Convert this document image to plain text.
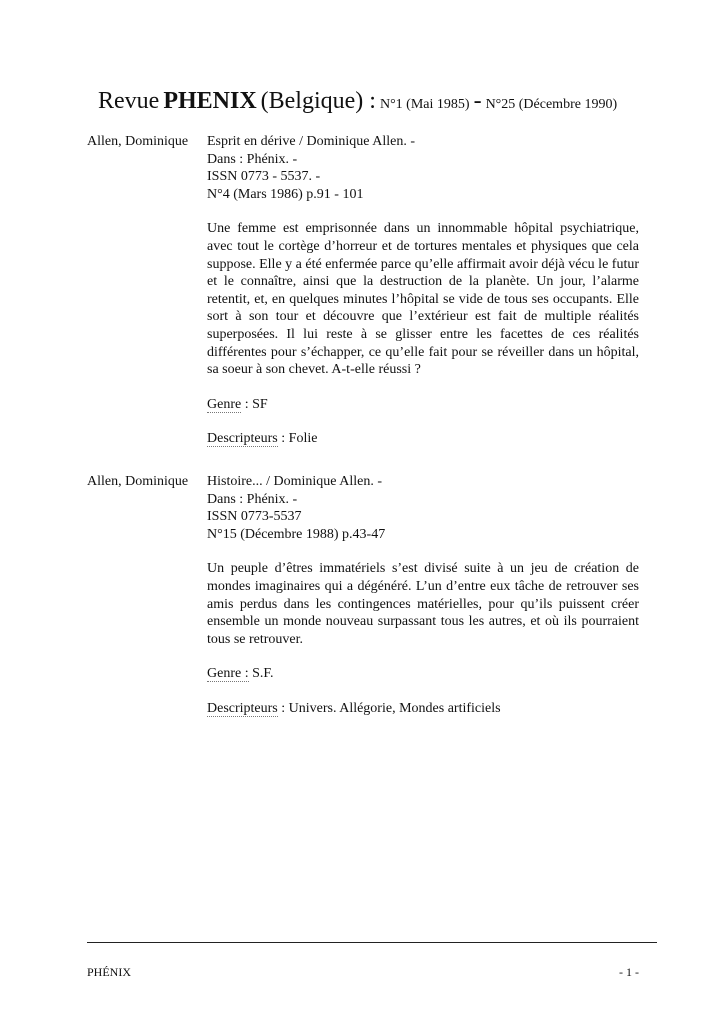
Revue PHENIX (Belgique) : N°1 (Mai 1985) - N°25 (Décembre 1990)
Allen, Dominique Esprit en dérive / Dominique Allen. -
Dans : Phénix. -
ISSN 0773 - 5537. -
N°4 (Mars 1986) p.91 - 101
Une femme est emprisonnée dans un innommable hôpital psychiatrique, avec tout le cortège d’horreur et de tortures mentales et physiques que cela suppose. Elle y a été enfermée parce qu’elle affirmait avoir déjà vécu le futur et le connaître, ainsi que la destruction de la planète. Un jour, l’alarme retentit, et, en quelques minutes l’hôpital se vide de tous ses occupants. Elle sort à son tour et découvre que l’extérieur est fait de multiple réalités superposées. Il lui reste à se glisser entre les facettes de ces réalités différentes pour s’échapper, ce qu’elle fait pour se réveiller dans un hôpital, sa soeur à son chevet. A-t-elle réussi ?
Genre : SF
Descripteurs : Folie
Allen, Dominique Histoire... / Dominique Allen. -
Dans : Phénix. -
ISSN 0773-5537
N°15 (Décembre 1988) p.43-47
Un peuple d’êtres immatériels s’est divisé suite à un jeu de création de mondes imaginaires qui a dégénéré. L’un d’entre eux tâche de retrouver ses amis perdus dans les contingences matérielles, pour qu’ils puissent créer ensemble un monde nouveau surpassant tous les autres, et où ils pourraient tous se retrouver.
Genre : S.F.
Descripteurs : Univers. Allégorie, Mondes artificiels
PHÉNIX	- 1 -
